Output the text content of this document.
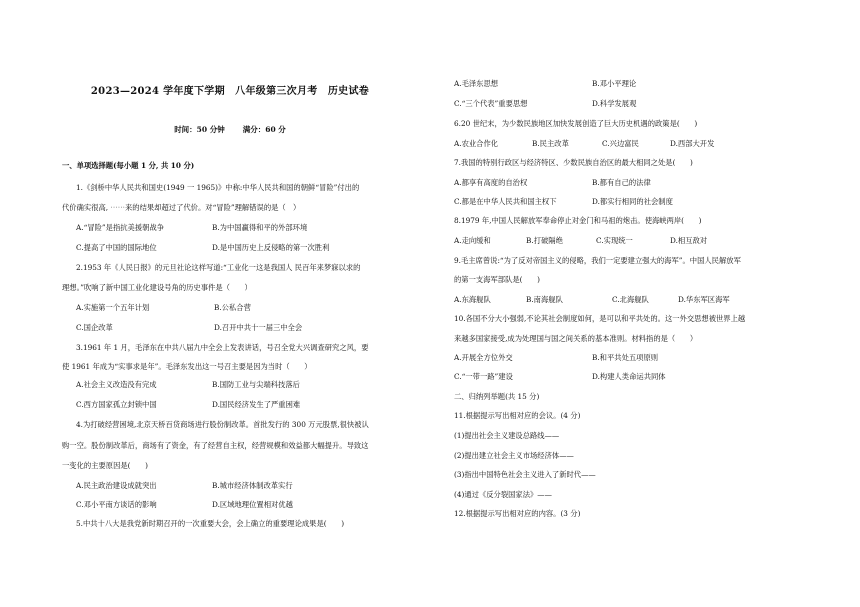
2023—2024 学年度下学期　八年级第三次月考　历史试卷
时间：50 分钟 满分：60 分
一、单项选择题(每小题 1 分, 共 10 分)
1.《剑桥中华人民共和国史(1949 一 1965)》中称:中华人民共和国的朝鲜“冒险”付出的
代价确实很高, ⋯⋯来的结果却超过了代价。对“冒险”理解错误的是（　）
A.“冒险”是指抗美援朝战争	B.为中国赢得和平的外部环境
C.提高了中国的国际地位	D.是中国历史上反侵略的第一次胜利
2.1953 年《人民日报》的元旦社论这样写道:“工业化一这是我国人 民百年来梦寐以求的
理想。”吹响了新中国工业化建设号角的历史事件是（　　）
A.实施第一个五年计划	B.公私合营
C.国企改革	D.召开中共十一届三中全会
3.1961 年 1 月，毛泽东在中共八届九中全会上发表讲话，号召全党大兴调查研究之风，要
使 1961 年成为“实事求是年”。毛泽东发出这一号召主要是因为当时（　　）
A.社会主义改造没有完成	B.国防工业与尖端科技落后
C.西方国家孤立封锁中国	D.国民经济发生了严重困难
4.为打破经营困境,北京天桥百货商场进行股份制改革。首批发行的 300 万元股票,很快被认
购一空。股份制改革后，商场有了资金，有了经营自主权，经营规模和效益都大幅提升。导致这
一变化的主要原因是(　　)
A.民主政治建设成就突出	B.城市经济体制改革实行
C.邓小平南方谈话的影响	D.区域地理位置相对优越
5.中共十八大是我党新时期召开的一次重要大会，会上确立的重要理论成果是(　　)
A.毛泽东思想	B.邓小平理论
C.“三个代表”重要思想	D.科学发展观
6.20 世纪末，为少数民族地区加快发展创造了巨大历史机遇的政策是(　　)
A.农业合作化	B.民主改革	C.兴边富民	D.西部大开发
7.我国的特别行政区与经济特区、少数民族自治区的最大相同之处是(　　)
A.都享有高度的自治权	B.都有自己的法律
C.都是在中华人民共和国主权下	D.都实行相同的社会制度
8.1979 年,中国人民解放军奉命停止对金门和马祖的炮击。使海峡两岸(　　)
A.走向缓和	B.打破隔绝	C.实现统一	D.相互敌对
9.毛主席曾说:“为了反对帝国主义的侵略，我们一定要建立强大的海军”。中国人民解放军
的第一支海军部队是(　　)
A.东海舰队	B.南海舰队	C.北海舰队	D.华东军区海军
10.各国不分大小强弱,不论其社会制度如何，是可以和平共处的。这一外交思想被世界上越
来越多国家接受,成为处理国与国之间关系的基本准则。材料指的是（　　）
A.开展全方位外交	B.和平共处五项原则
C.“一带一路”建设	D.构建人类命运共同体
二、归纳列举题(共 15 分)
11.根据提示写出相对应的会议。(4 分)
(1)提出社会主义建设总路线——
(2)提出建立社会主义市场经济体——
(3)指出中国特色社会主义进入了新时代——
(4)通过《反分裂国家法》——
12.根据提示写出相对应的内容。(3 分)
